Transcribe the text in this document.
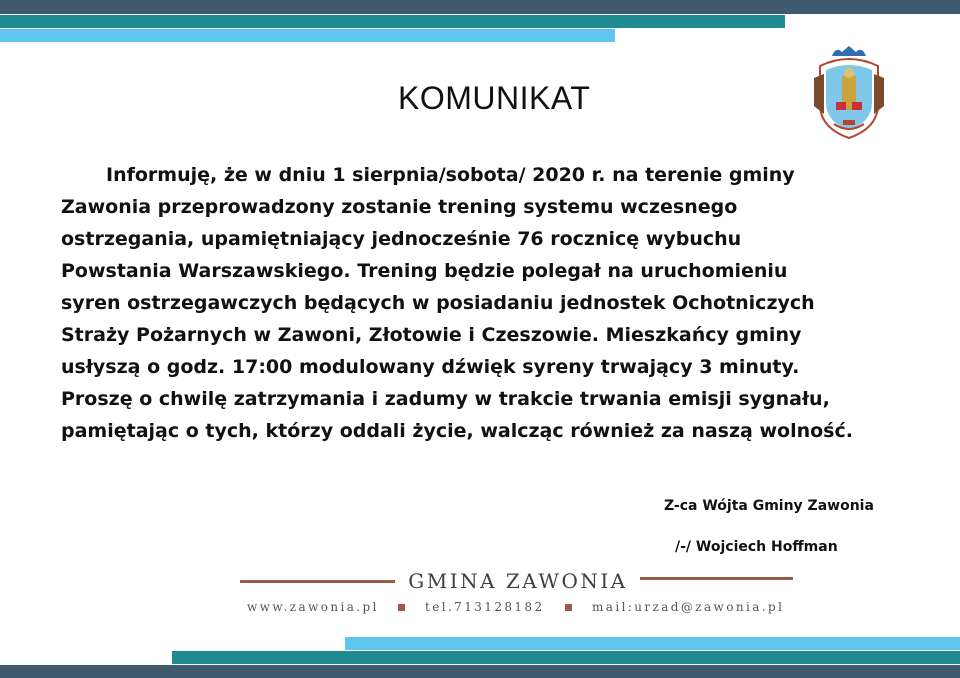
KOMUNIKAT
Informuję, że w dniu 1 sierpnia/sobota/ 2020 r. na terenie gminy
Zawonia przeprowadzony zostanie trening systemu wczesnego
ostrzegania, upamiętniający jednocześnie 76 rocznicę wybuchu
Powstania Warszawskiego. Trening będzie polegał na uruchomieniu
syren ostrzegawczych będących w posiadaniu jednostek Ochotniczych
Straży Pożarnych w Zawoni, Złotowie i Czeszowie. Mieszkańcy gminy
usłyszą o godz. 17:00 modulowany dźwięk syreny trwający 3 minuty.
Proszę o chwilę zatrzymania i zadumy w trakcie trwania emisji sygnału,
pamiętając o tych, którzy oddali życie, walcząc również za naszą wolność.
Z-ca Wójta Gminy Zawonia
/-/ Wojciech Hoffman
GMINA ZAWONIA
www.zawonia.pl	tel.713128182	mail:urzad@zawonia.pl
